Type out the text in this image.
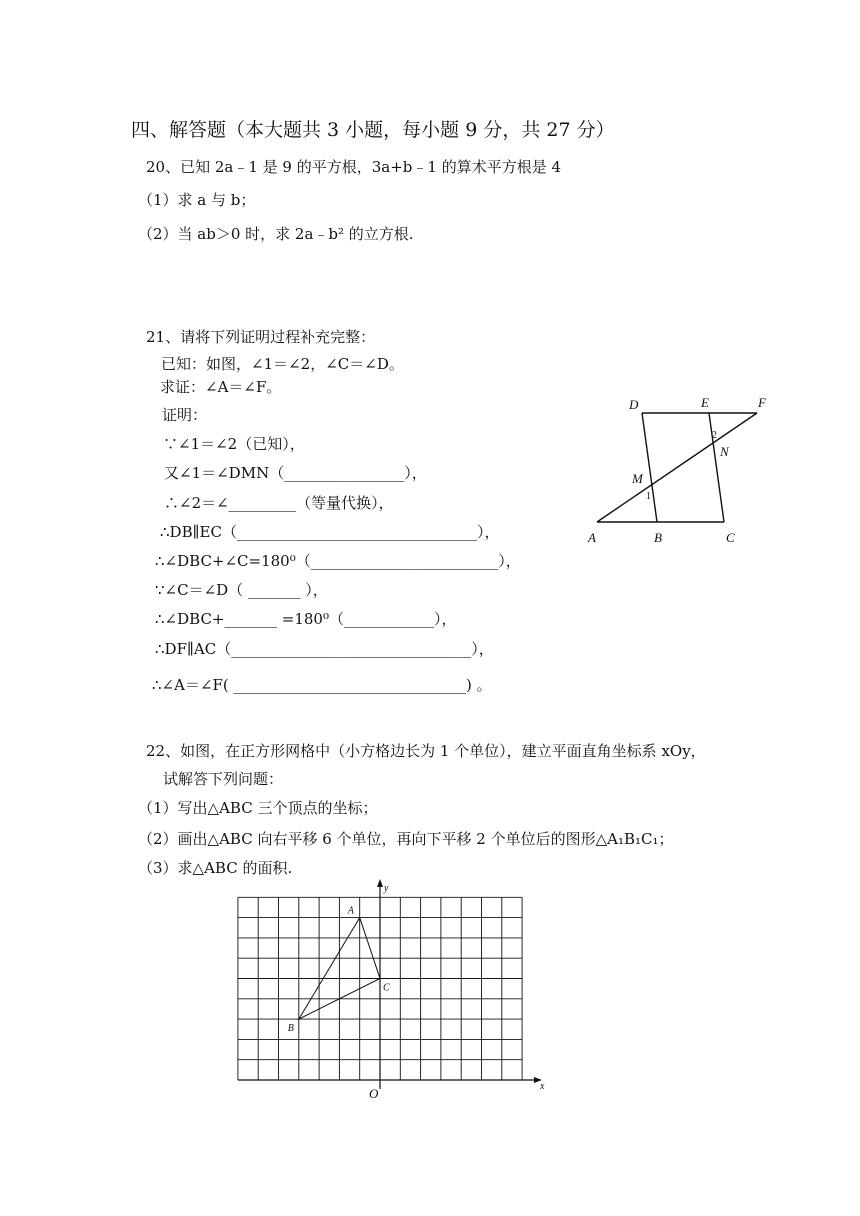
四、解答题（本大题共 3 小题，每小题 9 分，共 27 分）
20、已知 2a﹣1 是 9 的平方根，3a+b﹣1 的算术平方根是 4
（1）求 a 与 b；
（2）当 ab＞0 时，求 2a﹣b² 的立方根.
21、请将下列证明过程补充完整：
已知：如图，∠1＝∠2，∠C＝∠D。
求证：∠A＝∠F。
证明：
∵∠1＝∠2（已知），
又∠1＝∠DMN（________________），
∴∠2＝∠_________（等量代换），
∴DB∥EC（________________________________），
∴∠DBC+∠C=180⁰（_________________________），
∵∠C＝∠D（ _______ ），
∴∠DBC+_______ =180⁰（____________），
∴DF∥AC（________________________________），
∴∠A＝∠F( _______________________________) 。
D	E	F
M
N
A	B	C
1
2
22、如图，在正方形网格中（小方格边长为 1 个单位），建立平面直角坐标系 xOy，
试解答下列问题：
（1）写出△ABC 三个顶点的坐标；
（2）画出△ABC 向右平移 6 个单位，再向下平移 2 个单位后的图形△A₁B₁C₁；
（3）求△ABC 的面积.
y
x
O
A
B
C
